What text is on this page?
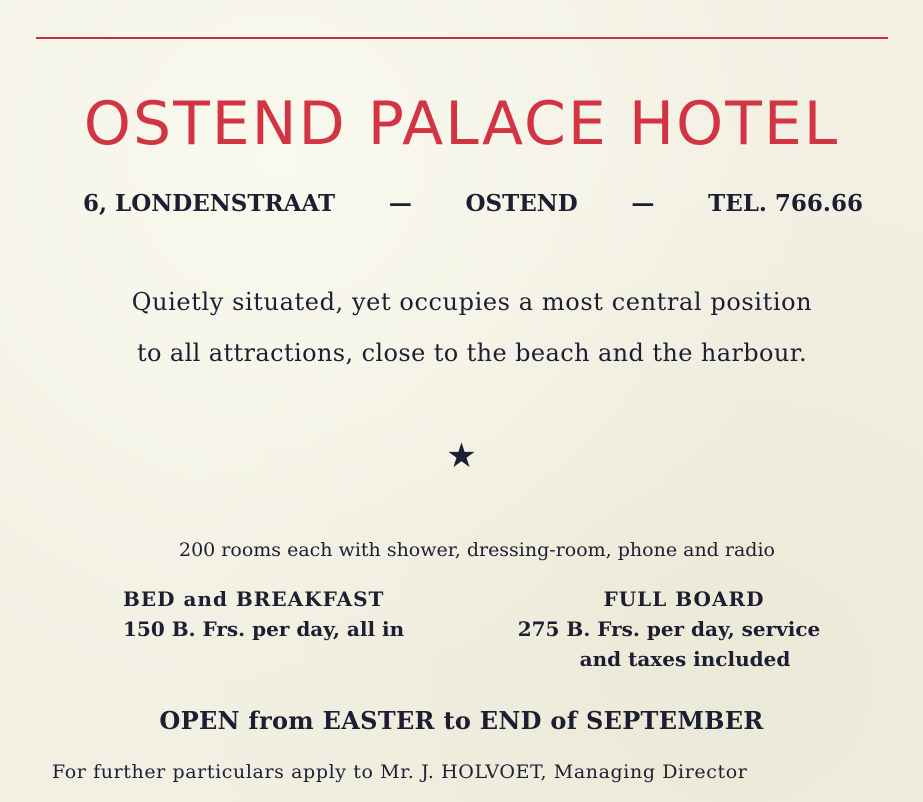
OSTEND PALACE HOTEL
6, LONDENSTRAAT — OSTEND — TEL. 766.66
Quietly situated, yet occupies a most central position
to all attractions, close to the beach and the harbour.
★
200 rooms each with shower, dressing-room, phone and radio
BED and BREAKFAST
150 B. Frs. per day, all in
FULL BOARD
275 B. Frs. per day, service
and taxes included
OPEN from EASTER to END of SEPTEMBER
For further particulars apply to Mr. J. HOLVOET, Managing Director
